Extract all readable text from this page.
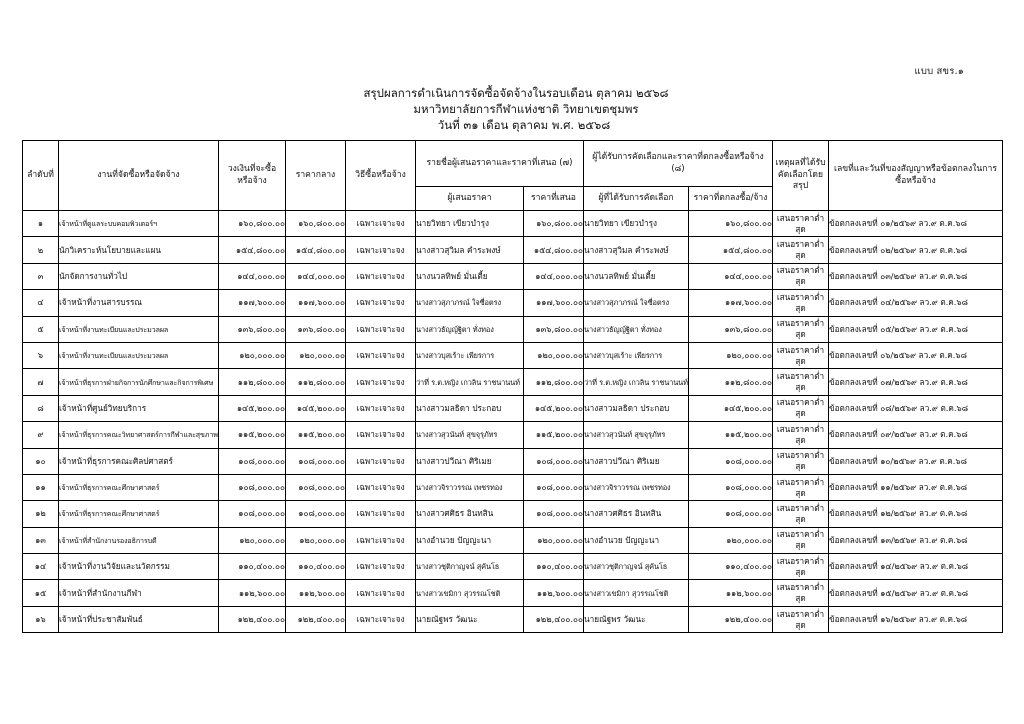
แบบ สขร.๑
สรุปผลการดำเนินการจัดซื้อจัดจ้างในรอบเดือน ตุลาคม ๒๕๖๘
มหาวิทยาลัยการกีฬาแห่งชาติ วิทยาเขตชุมพร
วันที่ ๓๑ เดือน ตุลาคม พ.ศ. ๒๕๖๘
ลำดับที่	งานที่จัดซื้อหรือจัดจ้าง	วงเงินที่จะซื้อหรือจ้าง	ราคากลาง	วิธีซื้อหรือจ้าง	รายชื่อผู้เสนอราคาและราคาที่เสนอ (๗)		ผู้ได้รับการคัดเลือกและราคาที่ตกลงซื้อหรือจ้าง (๘)		เหตุผลที่ได้รับคัดเลือกโดยสรุป	เลขที่และวันที่ของสัญญาหรือข้อตกลงในการซื้อหรือจ้าง
					ผู้เสนอราคา	ราคาที่เสนอ	ผู้ที่ได้รับการคัดเลือก	ราคาที่ตกลงซื้อ/จ้าง		
๑	เจ้าหน้าที่ดูแลระบบคอมพิวเตอร์ฯ	๑๖๐,๘๐๐.๐๐	๑๖๐,๘๐๐.๐๐	เฉพาะเจาะจง	นายวิทยา เขียวบำรุง	๑๖๐,๘๐๐.๐๐	นายวิทยา เขียวบำรุง	๑๖๐,๘๐๐.๐๐	เสนอราคาต่ำสุด	ข้อตกลงเลขที่ ๐๑/๒๕๖๙ ลว.๙ ต.ค.๖๘
๒	นักวิเคราะห์นโยบายและแผน	๑๕๔,๘๐๐.๐๐	๑๕๔,๘๐๐.๐๐	เฉพาะเจาะจง	นางสาวสุวิมล คำระพงษ์	๑๕๔,๘๐๐.๐๐	นางสาวสุวิมล คำระพงษ์	๑๕๔,๘๐๐.๐๐	เสนอราคาต่ำสุด	ข้อตกลงเลขที่ ๐๒/๒๕๖๙ ลว.๙ ต.ค.๖๘
๓	นักจัดการงานทั่วไป	๑๔๔,๐๐๐.๐๐	๑๔๔,๐๐๐.๐๐	เฉพาะเจาะจง	นางนวลทิพย์ มั่นเตี้ย	๑๔๔,๐๐๐.๐๐	นางนวลทิพย์ มั่นเตี้ย	๑๔๔,๐๐๐.๐๐	เสนอราคาต่ำสุด	ข้อตกลงเลขที่ ๐๓/๒๕๖๙ ลว.๙ ต.ค.๖๘
๔	เจ้าหน้าที่งานสารบรรณ	๑๑๗,๖๐๐.๐๐	๑๑๗,๖๐๐.๐๐	เฉพาะเจาะจง	นางสาวสุภาภรณ์ ใจซื่อตรง	๑๑๗,๖๐๐.๐๐	นางสาวสุภาภรณ์ ใจซื่อตรง	๑๑๗,๖๐๐.๐๐	เสนอราคาต่ำสุด	ข้อตกลงเลขที่ ๐๔/๒๕๖๙ ลว.๙ ต.ค.๖๘
๕	เจ้าหน้าที่งานทะเบียนและประมวลผล	๑๓๖,๘๐๐.๐๐	๑๓๖,๘๐๐.๐๐	เฉพาะเจาะจง	นางสาวธัญญ์ฐิตา ทั่งทอง	๑๓๖,๘๐๐.๐๐	นางสาวธัญญ์ฐิตา ทั่งทอง	๑๓๖,๘๐๐.๐๐	เสนอราคาต่ำสุด	ข้อตกลงเลขที่ ๐๕/๒๕๖๙ ลว.๙ ต.ค.๖๘
๖	เจ้าหน้าที่งานทะเบียนและประมวลผล	๑๒๐,๐๐๐.๐๐	๑๒๐,๐๐๐.๐๐	เฉพาะเจาะจง	นางสาวบุสเร้าะ เพียรการ	๑๒๐,๐๐๐.๐๐	นางสาวบุสเร้าะ เพียรการ	๑๒๐,๐๐๐.๐๐	เสนอราคาต่ำสุด	ข้อตกลงเลขที่ ๐๖/๒๕๖๙ ลว.๙ ต.ค.๖๘
๗	เจ้าหน้าที่ธุรการฝ่ายกิจการนักศึกษาและกิจการพิเศษ	๑๑๒,๘๐๐.๐๐	๑๑๒,๘๐๐.๐๐	เฉพาะเจาะจง	ว่าที่ ร.ต.หญิง เกวลิน ราชนานนท์	๑๑๒,๘๐๐.๐๐	ว่าที่ ร.ต.หญิง เกวลิน ราชนานนท์	๑๑๒,๘๐๐.๐๐	เสนอราคาต่ำสุด	ข้อตกลงเลขที่ ๐๗/๒๕๖๙ ลว.๙ ต.ค.๖๘
๘	เจ้าหน้าที่ศูนย์วิทยบริการ	๑๔๕,๒๐๐.๐๐	๑๔๕,๒๐๐.๐๐	เฉพาะเจาะจง	นางสาวมลธิดา ประกอบ	๑๔๕,๒๐๐.๐๐	นางสาวมลธิดา ประกอบ	๑๔๕,๒๐๐.๐๐	เสนอราคาต่ำสุด	ข้อตกลงเลขที่ ๐๘/๒๕๖๙ ลว.๙ ต.ค.๖๘
๙	เจ้าหน้าที่ธุรการคณะวิทยาศาสตร์การกีฬาและสุขภาพ	๑๑๕,๒๐๐.๐๐	๑๑๕,๒๐๐.๐๐	เฉพาะเจาะจง	นางสาวสุวนันท์ สุขจุรุภัทร	๑๑๕,๒๐๐.๐๐	นางสาวสุวนันท์ สุขจุรุภัทร	๑๑๕,๒๐๐.๐๐	เสนอราคาต่ำสุด	ข้อตกลงเลขที่ ๐๙/๒๕๖๙ ลว.๙ ต.ค.๖๘
๑๐	เจ้าหน้าที่ธุรการคณะศิลปศาสตร์	๑๐๘,๐๐๐.๐๐	๑๐๘,๐๐๐.๐๐	เฉพาะเจาะจง	นางสาวปวีณา ศิริเมย	๑๐๘,๐๐๐.๐๐	นางสาวปวีณา ศิริเมย	๑๐๘,๐๐๐.๐๐	เสนอราคาต่ำสุด	ข้อตกลงเลขที่ ๑๐/๒๕๖๙ ลว.๙ ต.ค.๖๘
๑๑	เจ้าหน้าที่ธุรการคณะศึกษาศาสตร์	๑๐๘,๐๐๐.๐๐	๑๐๘,๐๐๐.๐๐	เฉพาะเจาะจง	นางสาวจิราวรรณ เพชรทอง	๑๐๘,๐๐๐.๐๐	นางสาวจิราวรรณ เพชรทอง	๑๐๘,๐๐๐.๐๐	เสนอราคาต่ำสุด	ข้อตกลงเลขที่ ๑๑/๒๕๖๙ ลว.๙ ต.ค.๖๘
๑๒	เจ้าหน้าที่ธุรการคณะศึกษาศาสตร์	๑๐๘,๐๐๐.๐๐	๑๐๘,๐๐๐.๐๐	เฉพาะเจาะจง	นางสาวศศิธร อินทสิน	๑๐๘,๐๐๐.๐๐	นางสาวศศิธร อินทสิน	๑๐๘,๐๐๐.๐๐	เสนอราคาต่ำสุด	ข้อตกลงเลขที่ ๑๒/๒๕๖๙ ลว.๙ ต.ค.๖๘
๑๓	เจ้าหน้าที่สำนักงานรองอธิการบดี	๑๒๐,๐๐๐.๐๐	๑๒๐,๐๐๐.๐๐	เฉพาะเจาะจง	นางอำนวย ปัญญะนา	๑๒๐,๐๐๐.๐๐	นางอำนวย ปัญญะนา	๑๒๐,๐๐๐.๐๐	เสนอราคาต่ำสุด	ข้อตกลงเลขที่ ๑๓/๒๕๖๙ ลว.๙ ต.ค.๖๘
๑๔	เจ้าหน้าที่งานวิจัยและนวัตกรรม	๑๑๐,๔๐๐.๐๐	๑๑๐,๔๐๐.๐๐	เฉพาะเจาะจง	นางสาวชุติกาญจน์ สุคันโธ	๑๑๐,๔๐๐.๐๐	นางสาวชุติกาญจน์ สุคันโธ	๑๑๐,๔๐๐.๐๐	เสนอราคาต่ำสุด	ข้อตกลงเลขที่ ๑๔/๒๕๖๙ ลว.๙ ต.ค.๖๘
๑๕	เจ้าหน้าที่สำนักงานกีฬา	๑๑๒,๖๐๐.๐๐	๑๑๒,๖๐๐.๐๐	เฉพาะเจาะจง	นางสาวเขมิกา สุวรรณโชติ	๑๑๒,๖๐๐.๐๐	นางสาวเขมิกา สุวรรณโชติ	๑๑๒,๖๐๐.๐๐	เสนอราคาต่ำสุด	ข้อตกลงเลขที่ ๑๕/๒๕๖๙ ลว.๙ ต.ค.๖๘
๑๖	เจ้าหน้าที่ประชาสัมพันธ์	๑๒๒,๔๐๐.๐๐	๑๒๒,๔๐๐.๐๐	เฉพาะเจาะจง	นายณัฐพร วัฒนะ	๑๒๒,๔๐๐.๐๐	นายณัฐพร วัฒนะ	๑๒๒,๔๐๐.๐๐	เสนอราคาต่ำสุด	ข้อตกลงเลขที่ ๑๖/๒๕๖๙ ลว.๙ ต.ค.๖๘
